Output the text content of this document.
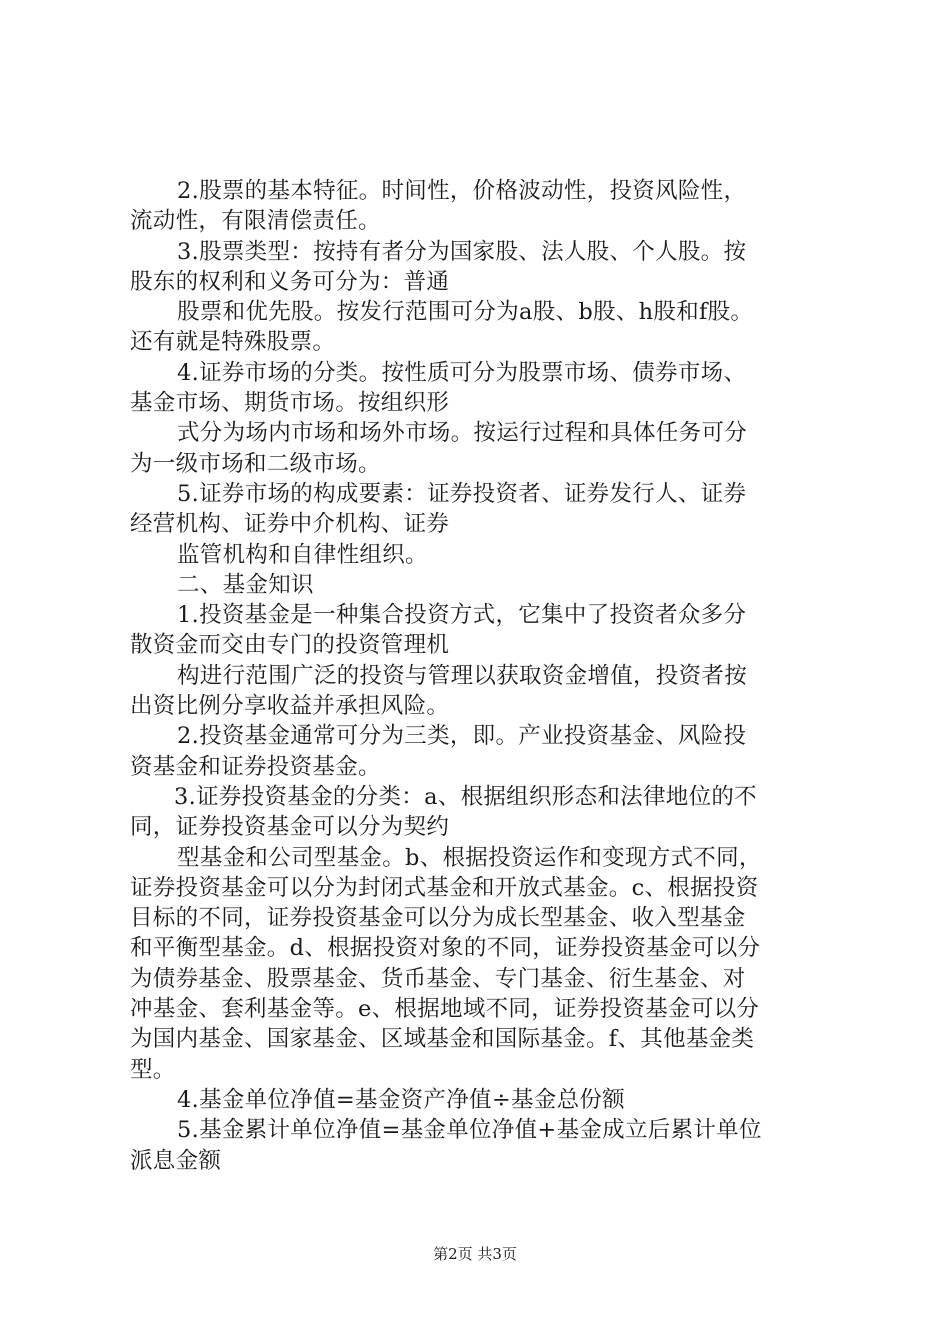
2.股票的基本特征。时间性，价格波动性，投资风险性，
流动性，有限清偿责任。
3.股票类型：按持有者分为国家股、法人股、个人股。按
股东的权利和义务可分为：普通
股票和优先股。按发行范围可分为a股、b股、h股和f股。
还有就是特殊股票。
4.证券市场的分类。按性质可分为股票市场、债券市场、
基金市场、期货市场。按组织形
式分为场内市场和场外市场。按运行过程和具体任务可分
为一级市场和二级市场。
5.证券市场的构成要素：证券投资者、证券发行人、证券
经营机构、证券中介机构、证券
监管机构和自律性组织。
二、基金知识
1.投资基金是一种集合投资方式，它集中了投资者众多分
散资金而交由专门的投资管理机
构进行范围广泛的投资与管理以获取资金增值，投资者按
出资比例分享收益并承担风险。
2.投资基金通常可分为三类，即。产业投资基金、风险投
资基金和证券投资基金。
3.证券投资基金的分类：a、根据组织形态和法律地位的不
同，证券投资基金可以分为契约
型基金和公司型基金。b、根据投资运作和变现方式不同，
证券投资基金可以分为封闭式基金和开放式基金。c、根据投资
目标的不同，证券投资基金可以分为成长型基金、收入型基金
和平衡型基金。d、根据投资对象的不同，证券投资基金可以分
为债券基金、股票基金、货币基金、专门基金、衍生基金、对
冲基金、套利基金等。e、根据地域不同，证券投资基金可以分
为国内基金、国家基金、区域基金和国际基金。f、其他基金类
型。
4.基金单位净值=基金资产净值÷基金总份额
5.基金累计单位净值=基金单位净值+基金成立后累计单位
派息金额
第2页 共3页
